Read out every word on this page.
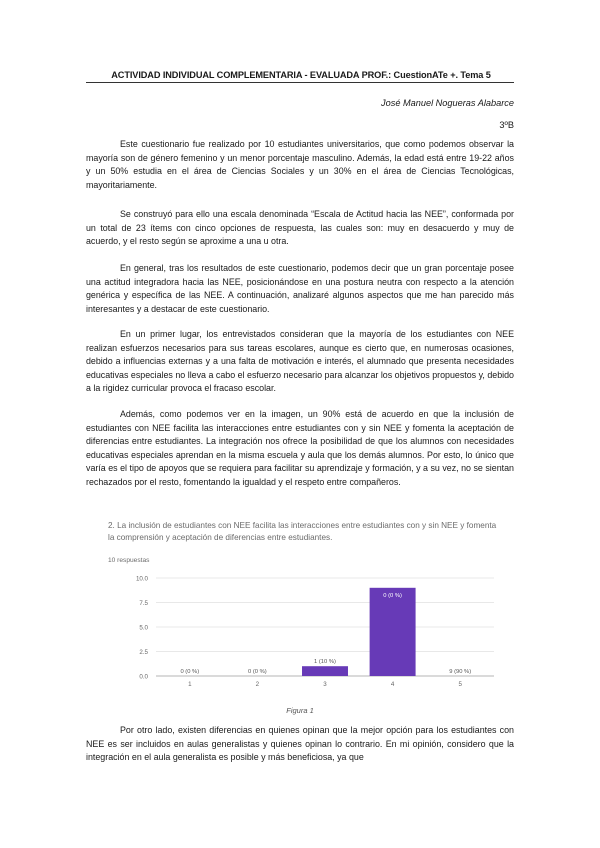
ACTIVIDAD INDIVIDUAL COMPLEMENTARIA - EVALUADA PROF.: CuestionATe +. Tema 5
José Manuel Nogueras Alabarce
3ºB

Este cuestionario fue realizado por 10 estudiantes universitarios, que como podemos observar la mayoría son de género femenino y un menor porcentaje masculino. Además, la edad está entre 19-22 años y un 50% estudia en el área de Ciencias Sociales y un 30% en el área de Ciencias Tecnológicas, mayoritariamente.

Se construyó para ello una escala denominada “Escala de Actitud hacia las NEE”, conformada por un total de 23 ítems con cinco opciones de respuesta, las cuales son: muy en desacuerdo y muy de acuerdo, y el resto según se aproxime a una u otra.

En general, tras los resultados de este cuestionario, podemos decir que un gran porcentaje posee una actitud integradora hacia las NEE, posicionándose en una postura neutra con respecto a la atención genérica y específica de las NEE. A continuación, analizaré algunos aspectos que me han parecido más interesantes y a destacar de este cuestionario.

En un primer lugar, los entrevistados consideran que la mayoría de los estudiantes con NEE realizan esfuerzos necesarios para sus tareas escolares, aunque es cierto que, en numerosas ocasiones, debido a influencias externas y a una falta de motivación e interés, el alumnado que presenta necesidades educativas especiales no lleva a cabo el esfuerzo necesario para alcanzar los objetivos propuestos y, debido a la rigidez curricular provoca el fracaso escolar.

Además, como podemos ver en la imagen, un 90% está de acuerdo en que la inclusión de estudiantes con NEE facilita las interacciones entre estudiantes con y sin NEE y fomenta la aceptación de diferencias entre estudiantes. La integración nos ofrece la posibilidad de que los alumnos con necesidades educativas especiales aprendan en la misma escuela y aula que los demás alumnos. Por esto, lo único que varía es el tipo de apoyos que se requiera para facilitar su aprendizaje y formación, y a su vez, no se sientan rechazados por el resto, fomentando la igualdad y el respeto entre compañeros.

2. La inclusión de estudiantes con NEE facilita las interacciones entre estudiantes con y sin NEE y fomenta la comprensión y aceptación de diferencias entre estudiantes.
10 respuestas
0.0
2.5
5.0
7.5
10.0
0 (0 %)
1
0 (0 %)
2
1 (10 %)
3
0 (0 %)
4
9 (90 %)
5
Figura 1

Por otro lado, existen diferencias en quienes opinan que la mejor opción para los estudiantes con NEE es ser incluidos en aulas generalistas y quienes opinan lo contrario. En mi opinión, considero que la integración en el aula generalista es posible y más beneficiosa, ya que
